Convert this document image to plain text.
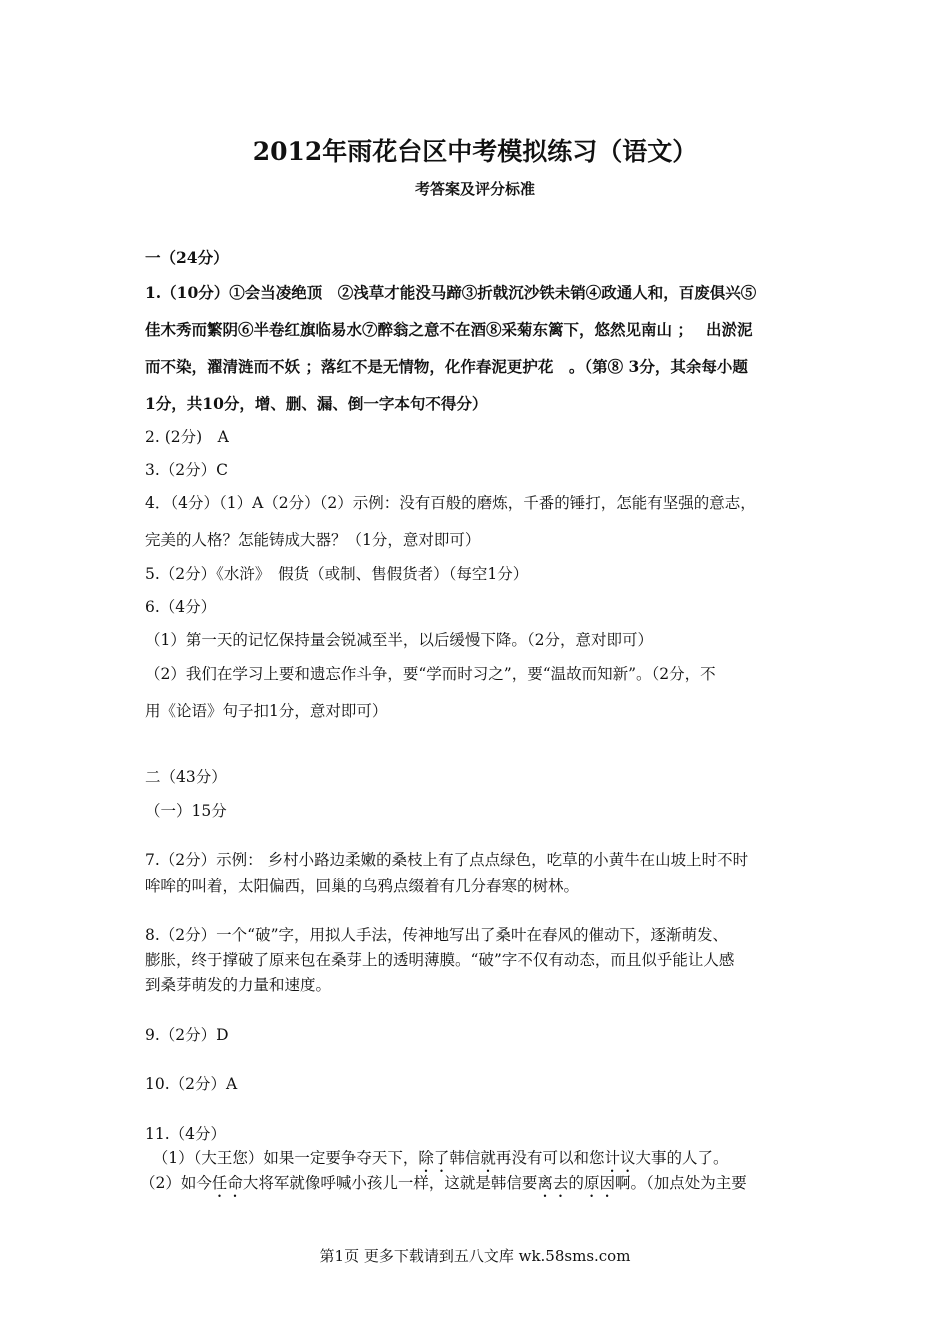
2012年雨花台区中考模拟练习（语文）
考答案及评分标准
一（24分）
1.（10分）①会当凌绝顶　②浅草才能没马蹄③折戟沉沙铁未销④政通人和，百废俱兴⑤
佳木秀而繁阴⑥半卷红旗临易水⑦醉翁之意不在酒⑧采菊东篱下，悠然见南山 ；　 出淤泥
而不染，濯清涟而不妖 ；落红不是无情物，化作春泥更护花　。（第⑧ 3分，其余每小题
1分，共10分，增、删、漏、倒一字本句不得分）
2. (2分)　A
3.（2分）C
4．（4分）（1）A（2分）（2）示例：没有百般的磨炼，千番的锤打，怎能有坚强的意志，
完美的人格？怎能铸成大器？（1分，意对即可）
5.（2分）《水浒》　假货（或制、售假货者）（每空1分）
6.（4分）
（1）第一天的记忆保持量会锐减至半，以后缓慢下降。（2分，意对即可）
（2）我们在学习上要和遗忘作斗争，要“学而时习之”，要“温故而知新”。（2分，不
用《论语》句子扣1分，意对即可）
二（43分）
（一）15分
7.（2分）示例： 乡村小路边柔嫩的桑枝上有了点点绿色，吃草的小黄牛在山坡上时不时
哞哞的叫着，太阳偏西，回巢的乌鸦点缀着有几分春寒的树林。
8.（2分）一个“破”字，用拟人手法，传神地写出了桑叶在春风的催动下，逐渐萌发、
膨胀，终于撑破了原来包在桑芽上的透明薄膜。“破”字不仅有动态，而且似乎能让人感
到桑芽萌发的力量和速度。
9.（2分）D
10.（2分）A
11.（4分）
　（1）（大王您）如果一定要争夺天下，除了韩信就再没有可以和您计议大事的人了。
（2）如今任命大将军就像呼喊小孩儿一样，这就是韩信要离去的原因啊。（加点处为主要
第1页 更多下载请到五八文库 wk.58sms.com
